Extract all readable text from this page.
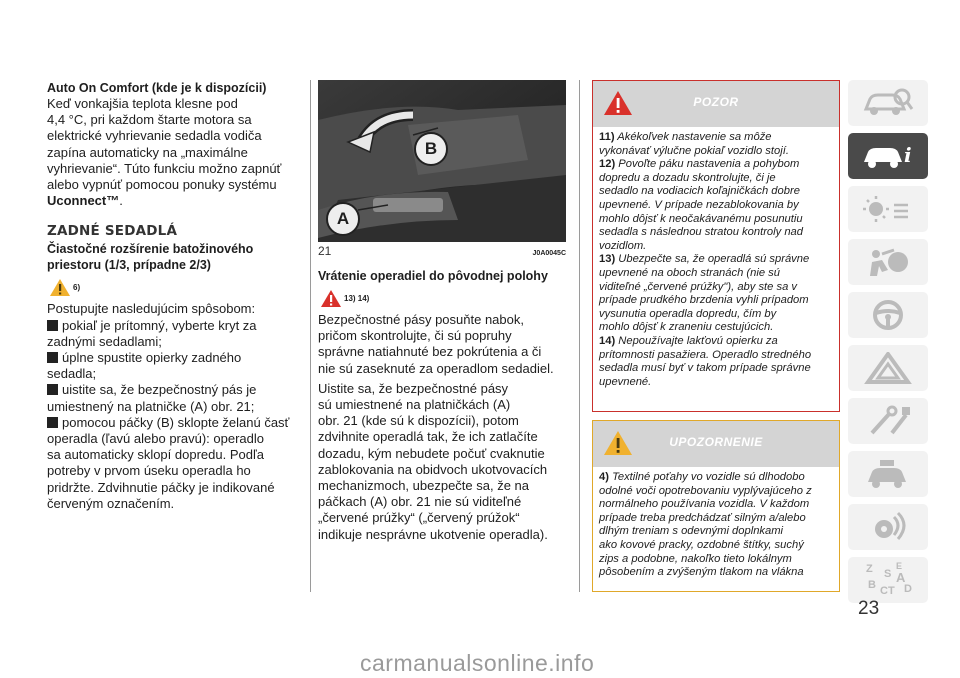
Auto On Comfort (kde je k dispozícii)

Keď vonkajšia teplota klesne pod

4,4 °C, pri každom štarte motora sa

elektrické vyhrievanie sedadla vodiča

zapína automaticky na „maximálne

vyhrievanie“. Túto funkciu možno zapnúť

alebo vypnúť pomocou ponuky systému

Uconnect™.

ZADNÉ SEDADLÁ

Čiastočné rozšírenie batožinového

priestoru (1/3, prípadne 2/3)

6)

Postupujte nasledujúcim spôsobom:

pokiaľ je prítomný, vyberte kryt za

zadnými sedadlami;

úplne spustite opierky zadného

sedadla;

uistite sa, že bezpečnostný pás je

umiestnený na platničke (A) obr. 21;

pomocou páčky (B) sklopte želanú časť

operadla (ľavú alebo pravú): operadlo

sa automaticky sklopí dopredu. Podľa

potreby v prvom úseku operadla ho

pridržte. Zdvihnutie páčky je indikované

červeným označením.

B
A
21	J0A0045C

Vrátenie operadiel do pôvodnej polohy

13) 14)

Bezpečnostné pásy posuňte nabok,

pričom skontrolujte, či sú popruhy

správne natiahnuté bez pokrútenia a či

nie sú zaseknuté za operadlom sedadiel.

Uistite sa, že bezpečnostné pásy

sú umiestnené na platničkách (A)

obr. 21 (kde sú k dispozícii), potom

zdvihnite operadlá tak, že ich zatlačíte

dozadu, kým nebudete počuť cvaknutie

zablokovania na obidvoch ukotvovacích

mechanizmoch, ubezpečte sa, že na

páčkach (A) obr. 21 nie sú viditeľné

„červené prúžky“ („červený prúžok“

indikuje nesprávne ukotvenie operadla).

POZOR

11) Akékoľvek nastavenie sa môže

vykonávať výlučne pokiaľ vozidlo stojí.

12) Povoľte páku nastavenia a pohybom

dopredu a dozadu skontrolujte, či je

sedadlo na vodiacich koľajničkách dobre

upevnené. V prípade nezablokovania by

mohlo dôjsť k neočakávanému posunutiu

sedadla s následnou stratou kontroly nad

vozidlom.

13) Ubezpečte sa, že operadlá sú správne

upevnené na oboch stranách (nie sú

viditeľné „červené prúžky"), aby ste sa v

prípade prudkého brzdenia vyhli prípadom

vysunutia operadla dopredu, čím by

mohlo dôjsť k zraneniu cestujúcich.

14) Nepoužívajte lakťovú opierku za

prítomnosti pasažiera. Operadlo stredného

sedadla musí byť v takom prípade správne

upevnené.

UPOZORNENIE

4) Textilné poťahy vo vozidle sú dlhodobo

odolné voči opotrebovaniu vyplývajúceho z

normálneho používania vozidla. V každom

prípade treba predchádzať silným a/alebo

dlhým treniam s odevnými doplnkami

ako kovové pracky, ozdobné štítky, suchý

zips a podobne, nakoľko tieto lokálnym

pôsobením a zvýšeným tlakom na vlákna

i
Z	E
S A
B C T D
23
carmanualsonline.info
